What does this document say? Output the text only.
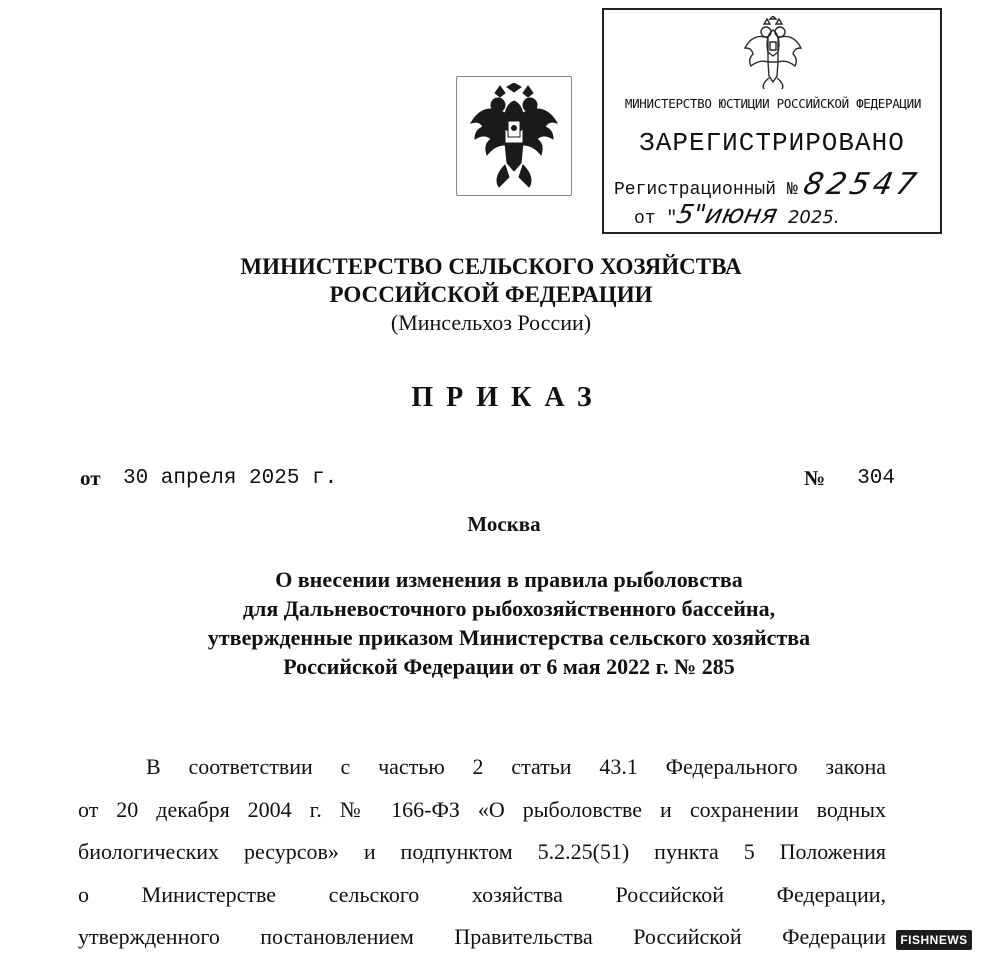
МИНИСТЕРСТВО ЮСТИЦИИ РОССИЙСКОЙ ФЕДЕРАЦИИ
ЗАРЕГИСТРИРОВАНО
Регистрационный №82547
от "5"июня 2025.
МИНИСТЕРСТВО СЕЛЬСКОГО ХОЗЯЙСТВА
РОССИЙСКОЙ ФЕДЕРАЦИИ
(Минсельхоз России)
ПРИКАЗ
от 30 апреля 2025 г.	№ 304
Москва
О внесении изменения в правила рыболовства
для Дальневосточного рыбохозяйственного бассейна,
утвержденные приказом Министерства сельского хозяйства
Российской Федерации от 6 мая 2022 г. № 285
В соответствии с частью 2 статьи 43.1 Федерального закона
от 20 декабря 2004 г. № 166-ФЗ «О рыболовстве и сохранении водных
биологических ресурсов» и подпунктом 5.2.25(51) пункта 5 Положения
о Министерстве сельского хозяйства Российской Федерации,
утвержденного постановлением Правительства Российской Федерации	FISHNEWS
